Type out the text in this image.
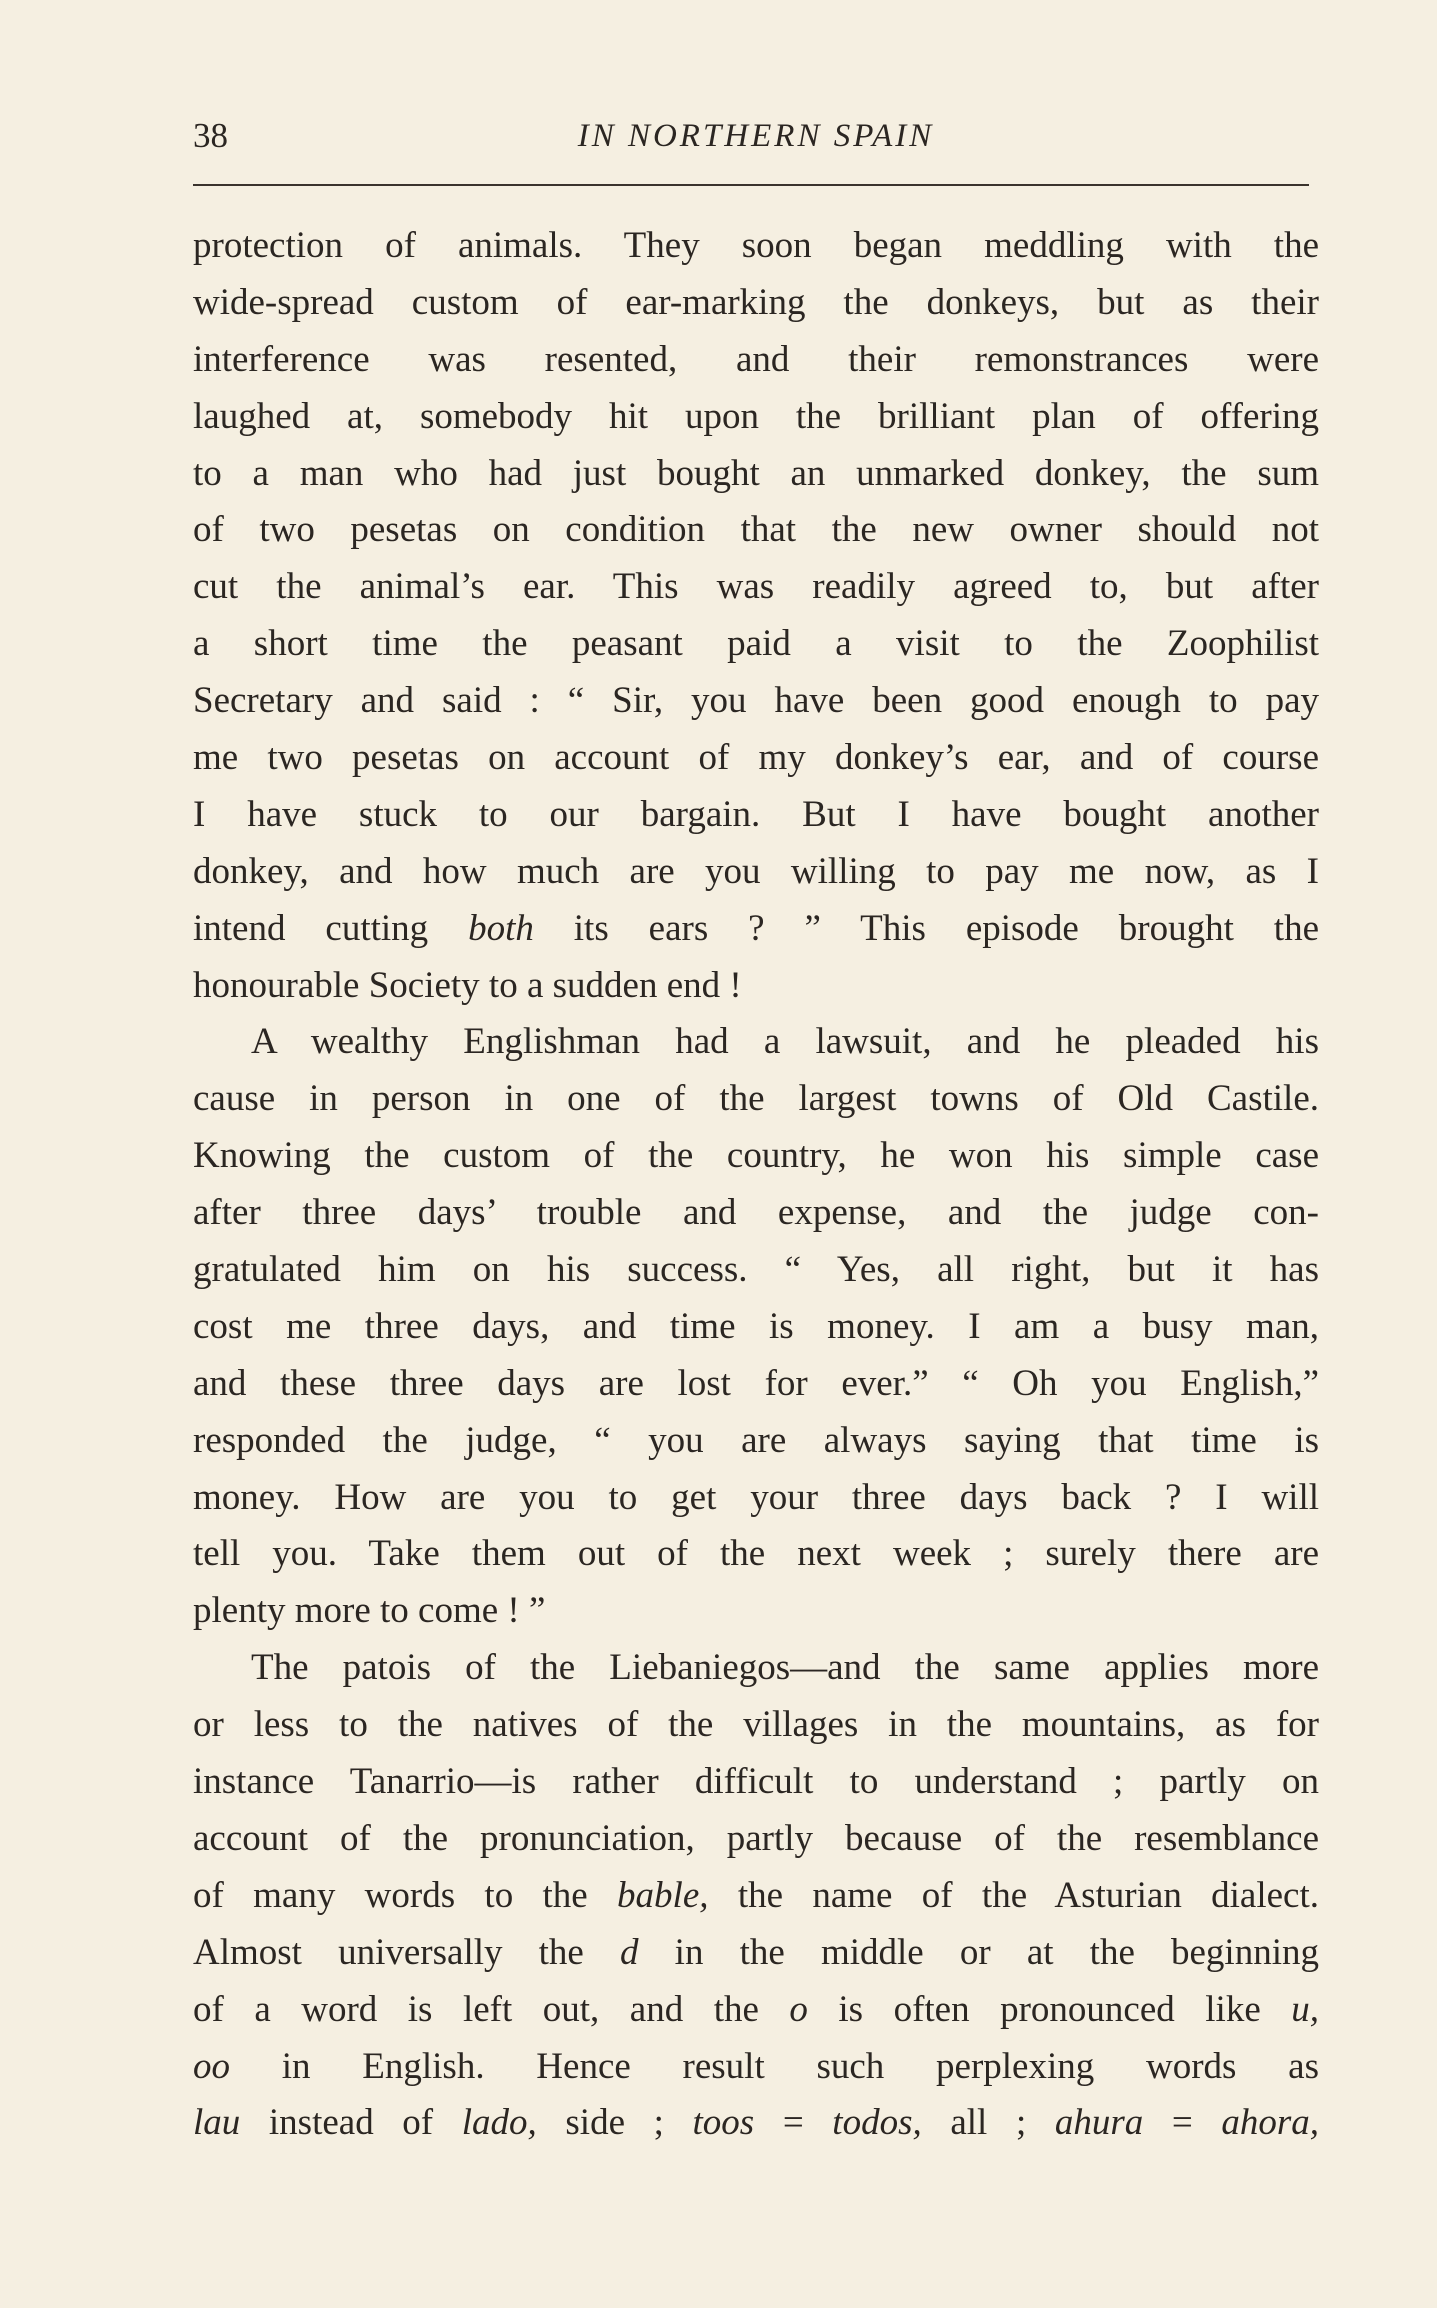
38	IN NORTHERN SPAIN
protection of animals. They soon began meddling with the
wide-spread custom of ear-marking the donkeys, but as their
interference was resented, and their remonstrances were
laughed at, somebody hit upon the brilliant plan of offering
to a man who had just bought an unmarked donkey, the sum
of two pesetas on condition that the new owner should not
cut the animal’s ear. This was readily agreed to, but after
a short time the peasant paid a visit to the Zoophilist
Secretary and said : “ Sir, you have been good enough to pay
me two pesetas on account of my donkey’s ear, and of course
I have stuck to our bargain. But I have bought another
donkey, and how much are you willing to pay me now, as I
intend cutting both its ears ? ” This episode brought the
honourable Society to a sudden end !
A wealthy Englishman had a lawsuit, and he pleaded his
cause in person in one of the largest towns of Old Castile.
Knowing the custom of the country, he won his simple case
after three days’ trouble and expense, and the judge con-
gratulated him on his success. “ Yes, all right, but it has
cost me three days, and time is money. I am a busy man,
and these three days are lost for ever.” “ Oh you English,”
responded the judge, “ you are always saying that time is
money. How are you to get your three days back ? I will
tell you. Take them out of the next week ; surely there are
plenty more to come ! ”
The patois of the Liebaniegos—and the same applies more
or less to the natives of the villages in the mountains, as for
instance Tanarrio—is rather difficult to understand ; partly on
account of the pronunciation, partly because of the resemblance
of many words to the bable, the name of the Asturian dialect.
Almost universally the d in the middle or at the beginning
of a word is left out, and the o is often pronounced like u,
oo in English. Hence result such perplexing words as
lau instead of lado, side ; toos = todos, all ; ahura = ahora,
